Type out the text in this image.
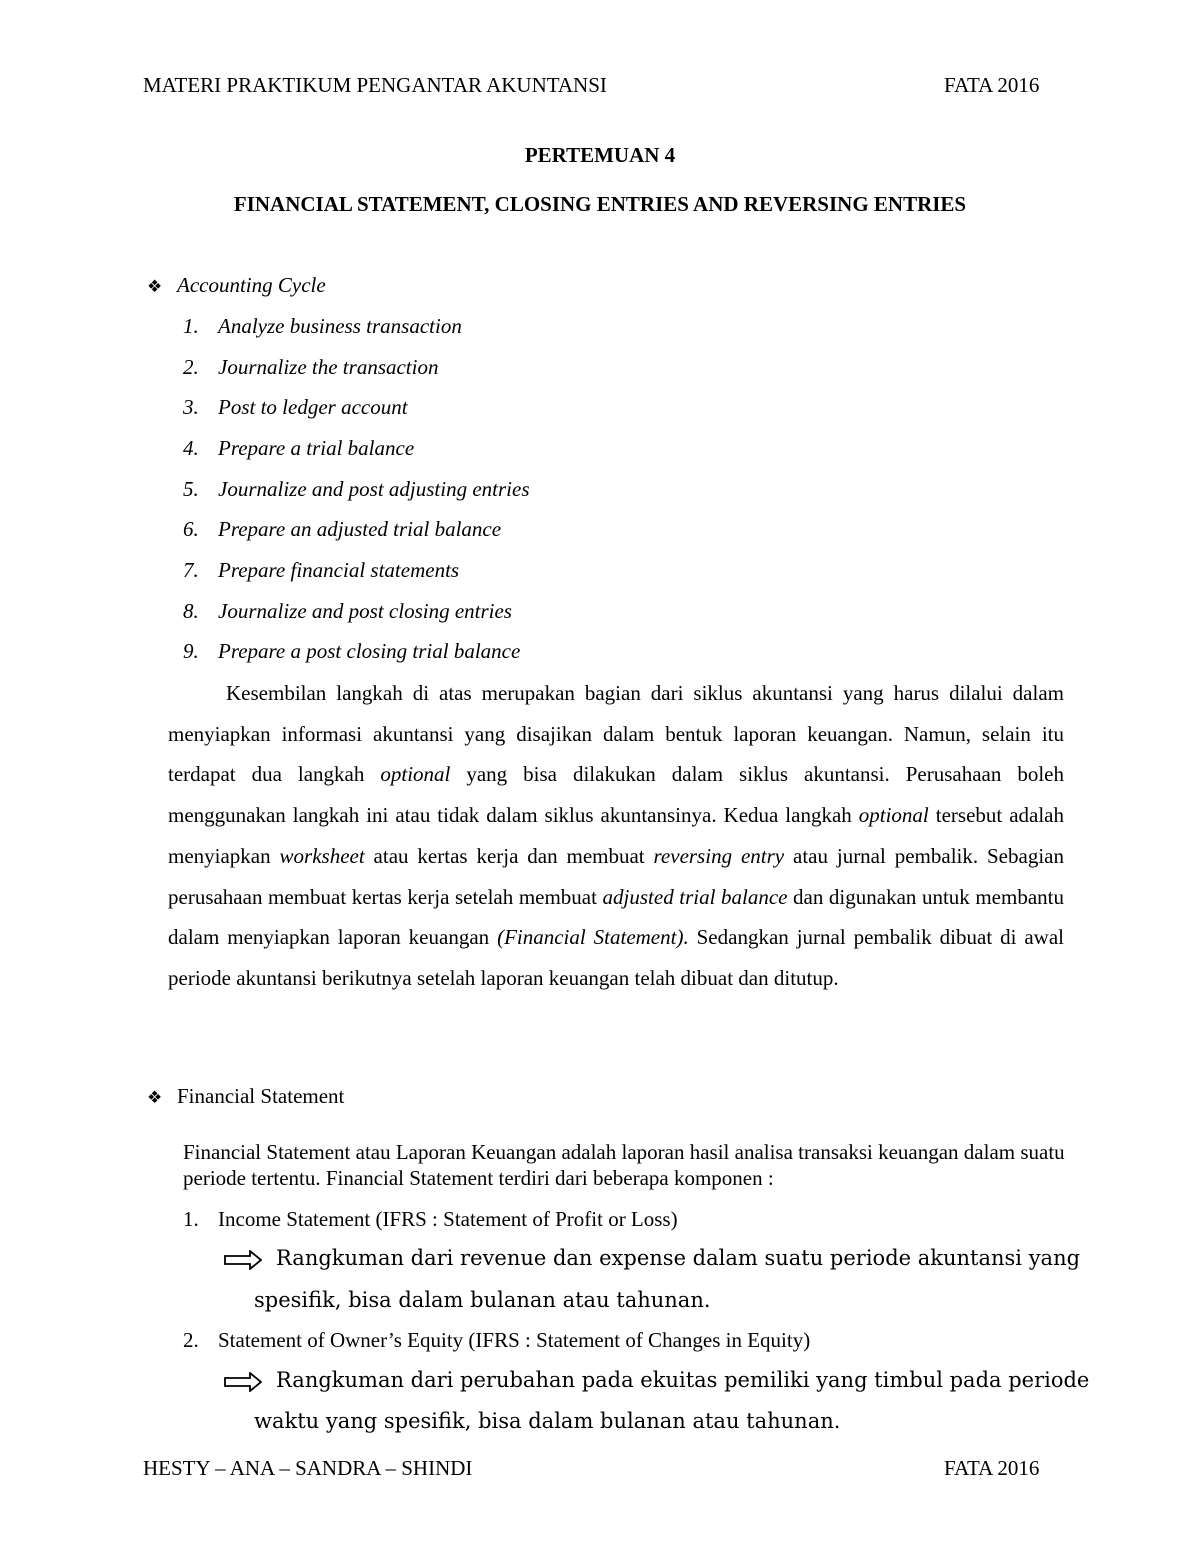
MATERI PRAKTIKUM PENGANTAR AKUNTANSI	FATA 2016
PERTEMUAN 4
FINANCIAL STATEMENT, CLOSING ENTRIES AND REVERSING ENTRIES
❖ Accounting Cycle
1. Analyze business transaction
2. Journalize the transaction
3. Post to ledger account
4. Prepare a trial balance
5. Journalize and post adjusting entries
6. Prepare an adjusted trial balance
7. Prepare financial statements
8. Journalize and post closing entries
9. Prepare a post closing trial balance
Kesembilan langkah di atas merupakan bagian dari siklus akuntansi yang harus dilalui dalam menyiapkan informasi akuntansi yang disajikan dalam bentuk laporan keuangan. Namun, selain itu terdapat dua langkah optional yang bisa dilakukan dalam siklus akuntansi. Perusahaan boleh menggunakan langkah ini atau tidak dalam siklus akuntansinya. Kedua langkah optional tersebut adalah menyiapkan worksheet atau kertas kerja dan membuat reversing entry atau jurnal pembalik. Sebagian perusahaan membuat kertas kerja setelah membuat adjusted trial balance dan digunakan untuk membantu dalam menyiapkan laporan keuangan (Financial Statement). Sedangkan jurnal pembalik dibuat di awal periode akuntansi berikutnya setelah laporan keuangan telah dibuat dan ditutup.
❖ Financial Statement
Financial Statement atau Laporan Keuangan adalah laporan hasil analisa transaksi keuangan dalam suatu periode tertentu. Financial Statement terdiri dari beberapa komponen :
1. Income Statement (IFRS : Statement of Profit or Loss)
Rangkuman dari revenue dan expense dalam suatu periode akuntansi yang
spesifik, bisa dalam bulanan atau tahunan.
2. Statement of Owner’s Equity (IFRS : Statement of Changes in Equity)
Rangkuman dari perubahan pada ekuitas pemiliki yang timbul pada periode
waktu yang spesifik, bisa dalam bulanan atau tahunan.
HESTY – ANA – SANDRA – SHINDI	FATA 2016
